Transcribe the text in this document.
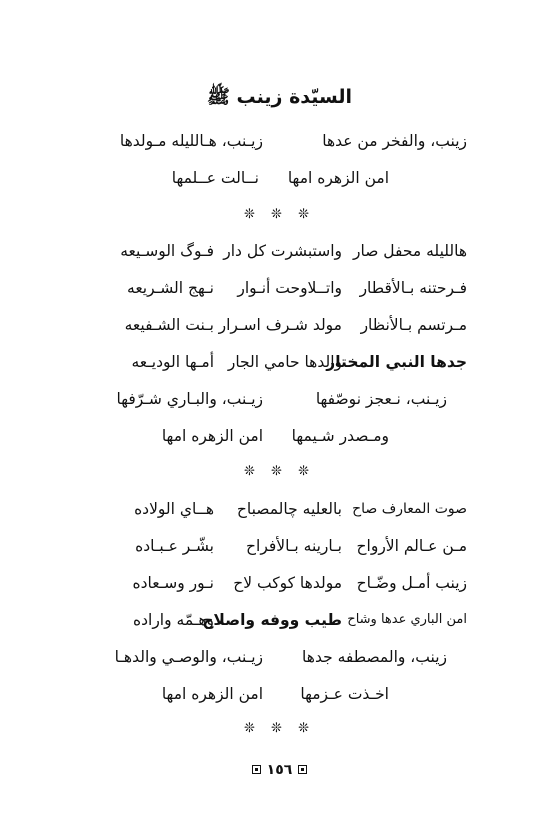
السيّدة زينب ﷺ
زينب، والفخر من عدها
زيـنب، هـالليله مـولدها
امن الزهره امها
نــالت عــلمها
❊ ❊ ❊
هالليله محفل صار
واستبشرت كل دار
فـوگ الوسـيعه
فـرحتنه بـالأقطار
واتــلاوحت أنـوار
نـهج الشـريعه
مـرتسم بـالأنظار
مولد شـرف اسـرار
بـنت الشـفيعه
جدها النبي المختار
والدها حامي الجار
أمـها الوديـعه
زيـنب، نـعجز نوصّفها
زيـنب، والبـاري شـرّفها
ومـصدر شـيمها
امن الزهره امها
❊ ❊ ❊
صوت المعارف صاح
بالعليه چالمصباح
هــاي الولاده
مـن عـالم الأرواح
بـارينه بـالأفراح
بشّـر عـبـاده
زينب أمـل وضّـاح
مولدها كوكب لاح
نـور وسـعاده
امن الباري عدها وشاح
طيب ووفه واصلاح
وهـمّه واراده
زينب، والمصطفه جدها
زيـنب، والوصـي والدهـا
اخـذت عـزمها
امن الزهره امها
❊ ❊ ❊
١٥٦
